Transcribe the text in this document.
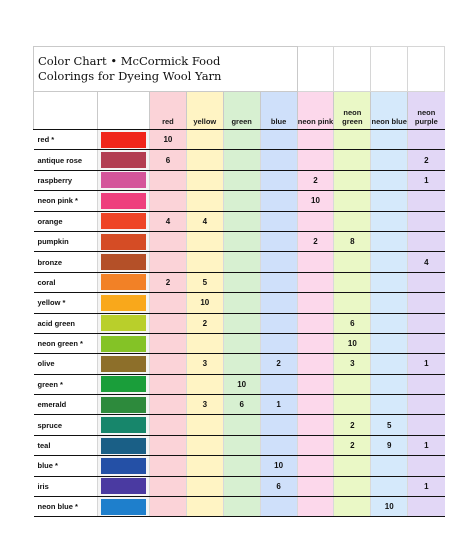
Color Chart • McCormick Food
Colorings for Dyeing Wool Yarn									
		red	yellow	green	blue	neon pink	neon green	neon blue	neon purple
red *		10							
antique rose		6							2
raspberry						2			1
neon pink *						10			
orange		4	4						
pumpkin						2	8		
bronze									4
coral		2	5						
yellow *			10						
acid green			2				6		
neon green *							10		
olive			3		2		3		1
green *				10					
emerald			3	6	1				
spruce							2	5	
teal							2	9	1
blue *					10				
iris					6				1
neon blue *								10	
